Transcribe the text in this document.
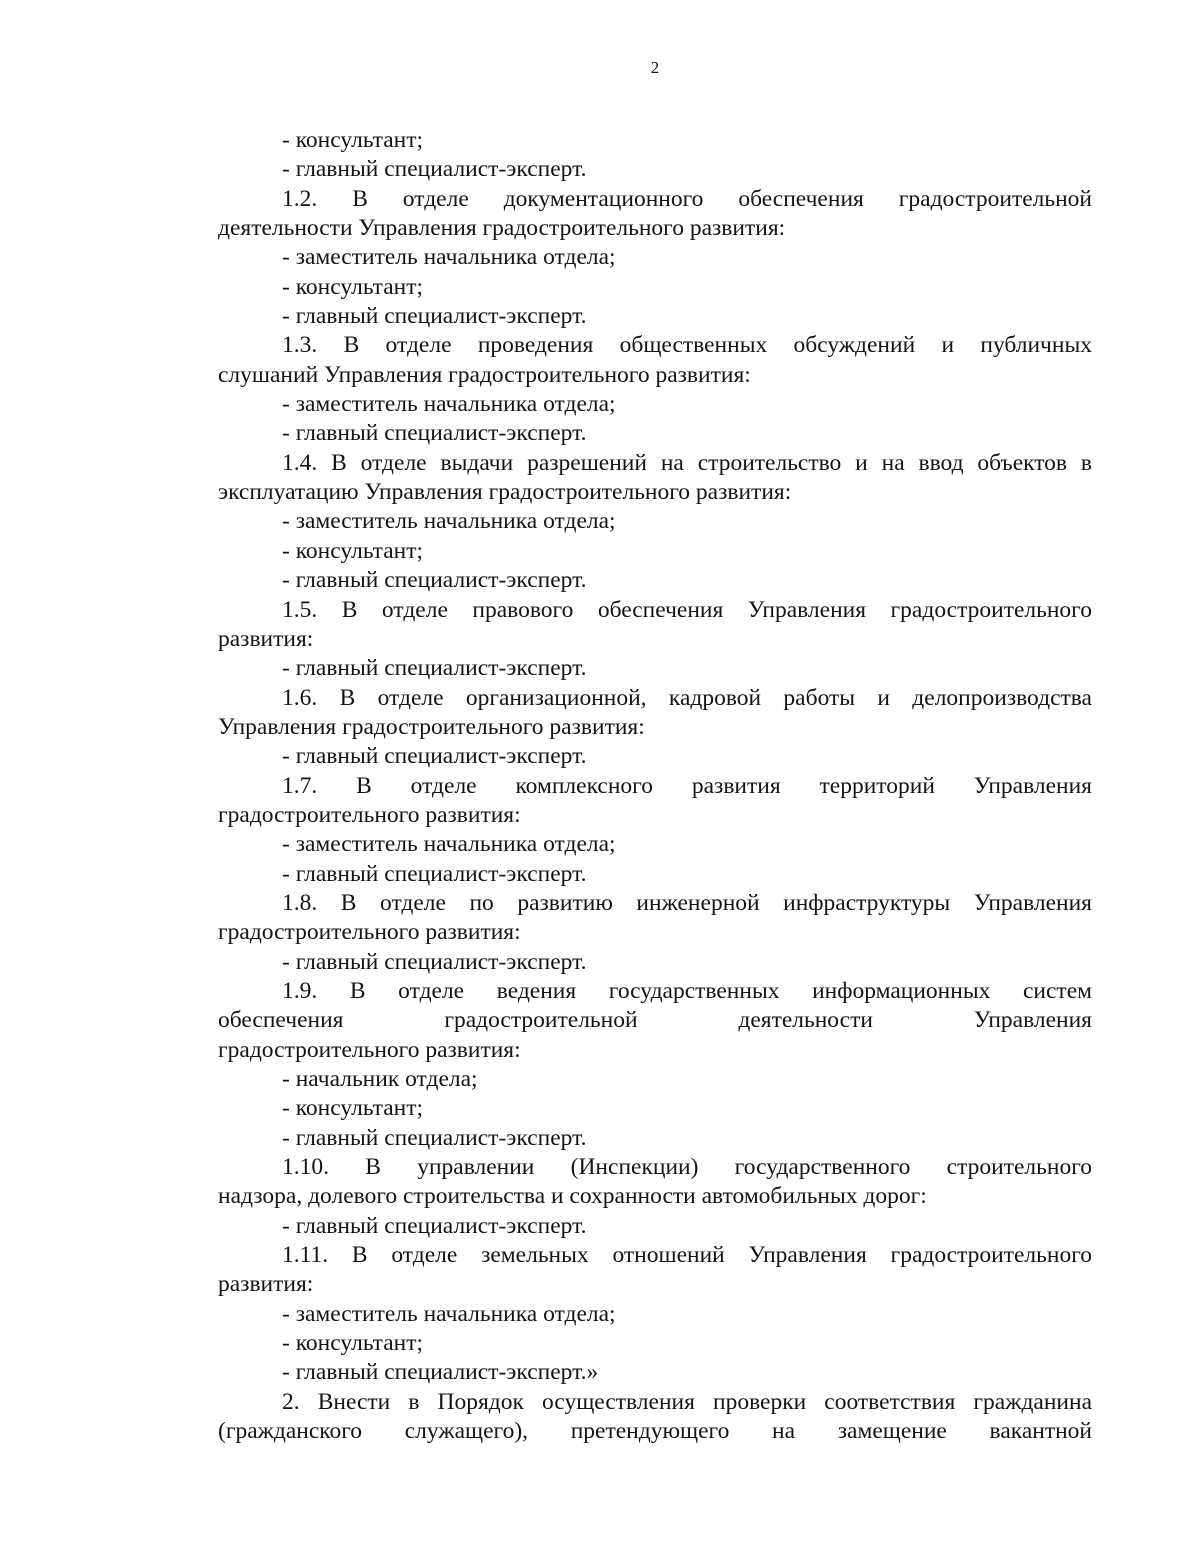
2
- консультант;
- главный специалист-эксперт.
1.2. В отделе документационного обеспечения градостроительной
деятельности Управления градостроительного развития:
- заместитель начальника отдела;
- консультант;
- главный специалист-эксперт.
1.3. В отделе проведения общественных обсуждений и публичных
слушаний Управления градостроительного развития:
- заместитель начальника отдела;
- главный специалист-эксперт.
1.4. В отделе выдачи разрешений на строительство и на ввод объектов в
эксплуатацию Управления градостроительного развития:
- заместитель начальника отдела;
- консультант;
- главный специалист-эксперт.
1.5. В отделе правового обеспечения Управления градостроительного
развития:
- главный специалист-эксперт.
1.6. В отделе организационной, кадровой работы и делопроизводства
Управления градостроительного развития:
- главный специалист-эксперт.
1.7. В отделе комплексного развития территорий Управления
градостроительного развития:
- заместитель начальника отдела;
- главный специалист-эксперт.
1.8. В отделе по развитию инженерной инфраструктуры Управления
градостроительного развития:
- главный специалист-эксперт.
1.9. В отделе ведения государственных информационных систем
обеспечения градостроительной деятельности Управления
градостроительного развития:
- начальник отдела;
- консультант;
- главный специалист-эксперт.
1.10. В управлении (Инспекции) государственного строительного
надзора, долевого строительства и сохранности автомобильных дорог:
- главный специалист-эксперт.
1.11. В отделе земельных отношений Управления градостроительного
развития:
- заместитель начальника отдела;
- консультант;
- главный специалист-эксперт.»
2. Внести в Порядок осуществления проверки соответствия гражданина
(гражданского служащего), претендующего на замещение вакантной
